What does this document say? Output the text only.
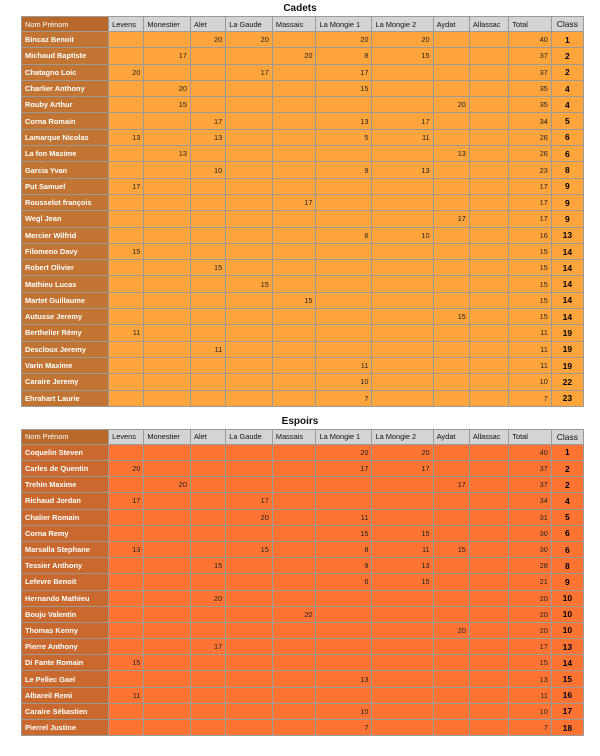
Cadets
Nom Prénom	Levens	Monestier	Alet	La Gaude	Massais	La Mongie 1	La Mongie 2	Aydat	Allassac	Total	Class
Bincaz Benoit			20	20		20	20			40	1
Michaud Baptiste		17			20	8	15			37	2
Chatagno Loic	20			17		17				37	2
Charlier Anthony		20				15				35	4
Rouby Arthur		15						20		35	4
Corna Romain			17			13	17			34	5
Lamarque Nicolas	13		13			5	11			26	6
La fon Maxime		13						13		26	6
Garcia Yvan			10			9	13			23	8
Put Samuel	17									17	9
Rousselot françois					17					17	9
Wegl Jean								17		17	9
Mercier Wilfrid						6	10			16	13
Filomeno Davy	15									15	14
Robert Olivier			15							15	14
Mathieu Lucas				15						15	14
Martet Guillaume					15					15	14
Autusse Jeremy								15		15	14
Berthelier Rémy	11									11	19
Descloux Jeremy			11							11	19
Varin Maxime						11				11	19
Caraire Jeremy						10				10	22
Ehrahart Laurie						7				7	23
Espoirs
Nom Prénom	Levens	Monestier	Alet	La Gaude	Massais	La Mongie 1	La Mongie 2	Aydat	Allassac	Total	Class
Coquelin Steven						20	20			40	1
Carles de Quentin	20					17	17			37	2
Trehin Maxime		20						17		37	2
Richaud Jordan	17			17						34	4
Chalier Romain				20		11				31	5
Corna Remy						15	15			30	6
Marsalla Stephane	13			15		8	11	15		30	6
Tessier Anthony			15			9	13			28	8
Lefevre Benoit						6	15			21	9
Hernando Mathieu			20							20	10
Bouju Valentin					20					20	10
Thomas Kenny								20		20	10
Pierre Anthony			17							17	13
Di Fante Romain	15									15	14
Le Pellec Gael						13				13	15
Albareil Remi	11									11	16
Caraire Sébastien						10				10	17
Pierrel Justine						7				7	18
